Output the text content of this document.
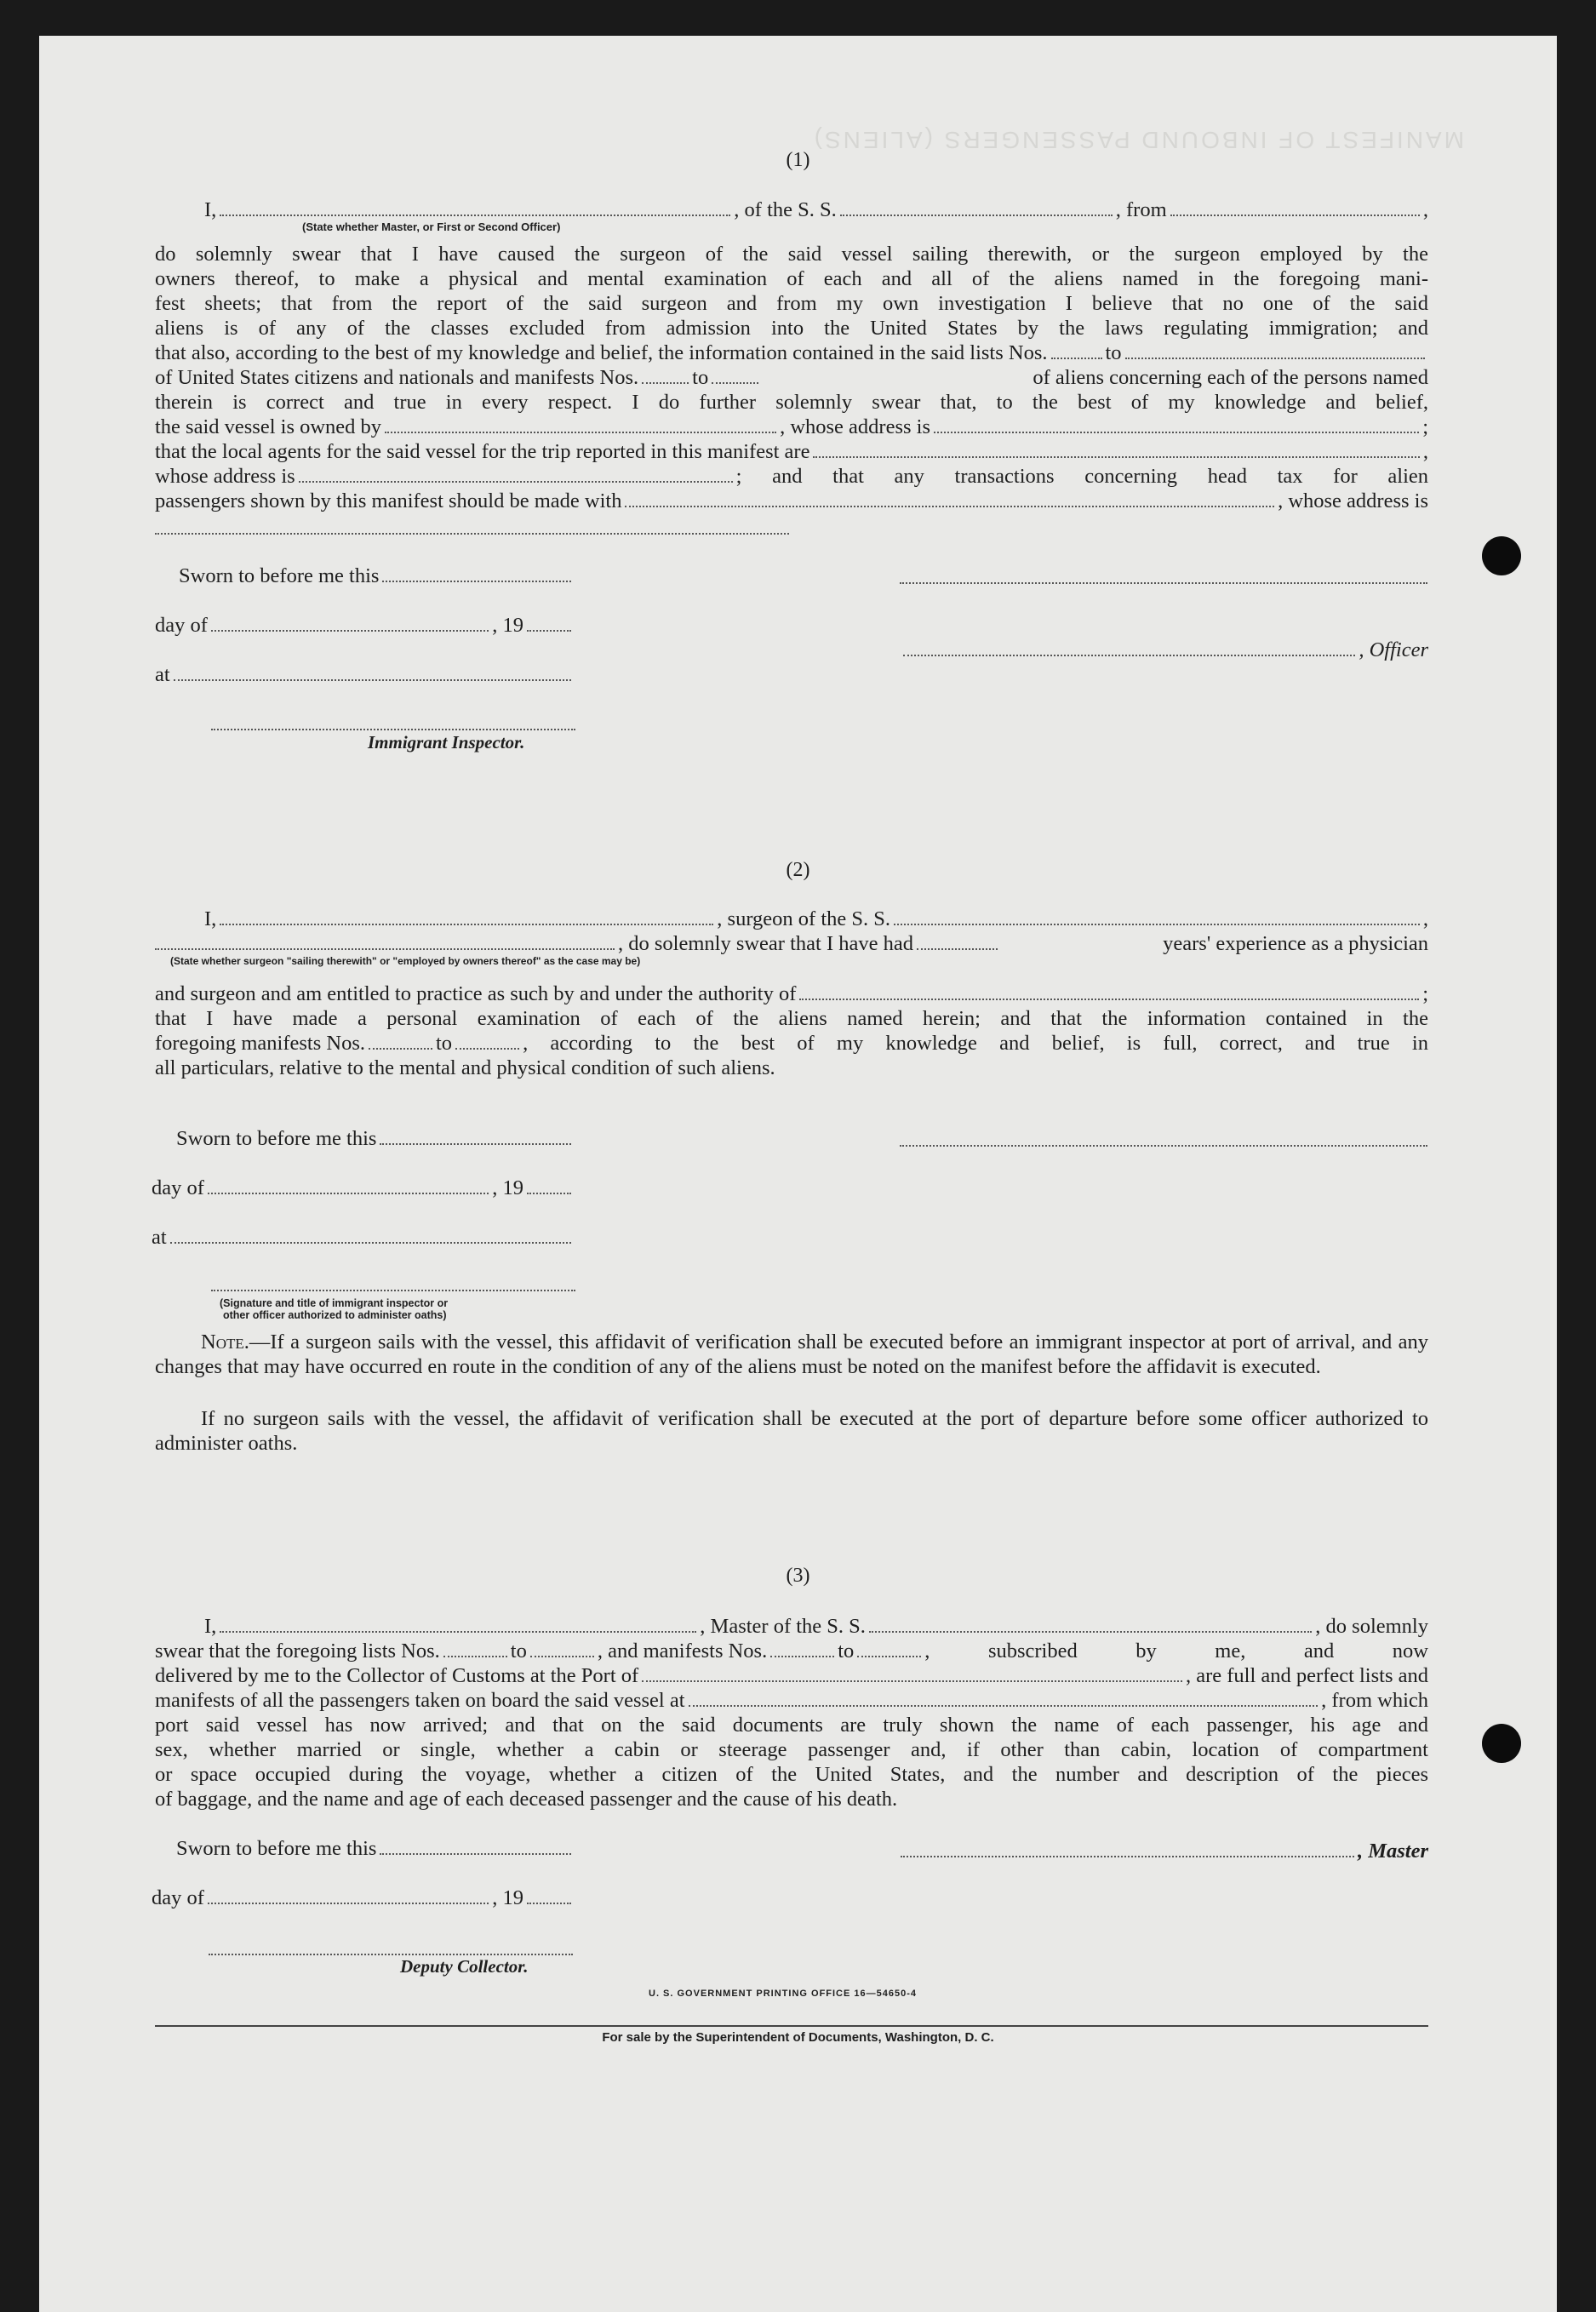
MANIFEST OF INBOUND PASSENGERS (ALIENS)
(1)
I,	, of the S. S.	, from	,
(State whether Master, or First or Second Officer)
do solemnly swear that I have caused the surgeon of the said vessel sailing therewith, or the surgeon employed by the
owners thereof, to make a physical and mental examination of each and all of the aliens named in the foregoing mani-
fest sheets; that from the report of the said surgeon and from my own investigation I believe that no one of the said
aliens is of any of the classes excluded from admission into the United States by the laws regulating immigration; and
that also, according to the best of my knowledge and belief, the information contained in the said lists Nos.	to
of United States citizens and nationals and manifests Nos.	to	of aliens concerning each of the persons named
therein is correct and true in every respect. I do further solemnly swear that, to the best of my knowledge and belief,
the said vessel is owned by	, whose address is	;
that the local agents for the said vessel for the trip reported in this manifest are	,
whose address is	; and that any transactions concerning head tax for alien
passengers shown by this manifest should be made with	, whose address is
Sworn to before me this
day of	, 19
at
Immigrant Inspector.
, Officer
(2)
I,	, surgeon of the S. S.	,
, do solemnly swear that I have had	years' experience as a physician
(State whether surgeon "sailing therewith" or "employed by owners thereof" as the case may be)
and surgeon and am entitled to practice as such by and under the authority of	;
that I have made a personal examination of each of the aliens named herein; and that the information contained in the
foregoing manifests Nos.	to	, according to the best of my knowledge and belief, is full, correct, and true in
all particulars, relative to the mental and physical condition of such aliens.
Sworn to before me this
day of	, 19
at
(Signature and title of immigrant inspector or
other officer authorized to administer oaths)
Note.—If a surgeon sails with the vessel, this affidavit of verification shall be executed before an immigrant inspector at port of arrival, and any changes that may have occurred en route in the condition of any of the aliens must be noted on the manifest before the affidavit is executed.
If no surgeon sails with the vessel, the affidavit of verification shall be executed at the port of departure before some officer authorized to administer oaths.
(3)
I,	, Master of the S. S.	, do solemnly
swear that the foregoing lists Nos.	to	, and manifests Nos.	to	, subscribed by me, and now
delivered by me to the Collector of Customs at the Port of	, are full and perfect lists and
manifests of all the passengers taken on board the said vessel at	, from which
port said vessel has now arrived; and that on the said documents are truly shown the name of each passenger, his age and
sex, whether married or single, whether a cabin or steerage passenger and, if other than cabin, location of compartment
or space occupied during the voyage, whether a citizen of the United States, and the number and description of the pieces
of baggage, and the name and age of each deceased passenger and the cause of his death.
Sworn to before me this
day of	, 19
Deputy Collector.
, Master
U. S. GOVERNMENT PRINTING OFFICE 16—54650-4
For sale by the Superintendent of Documents, Washington, D. C.
